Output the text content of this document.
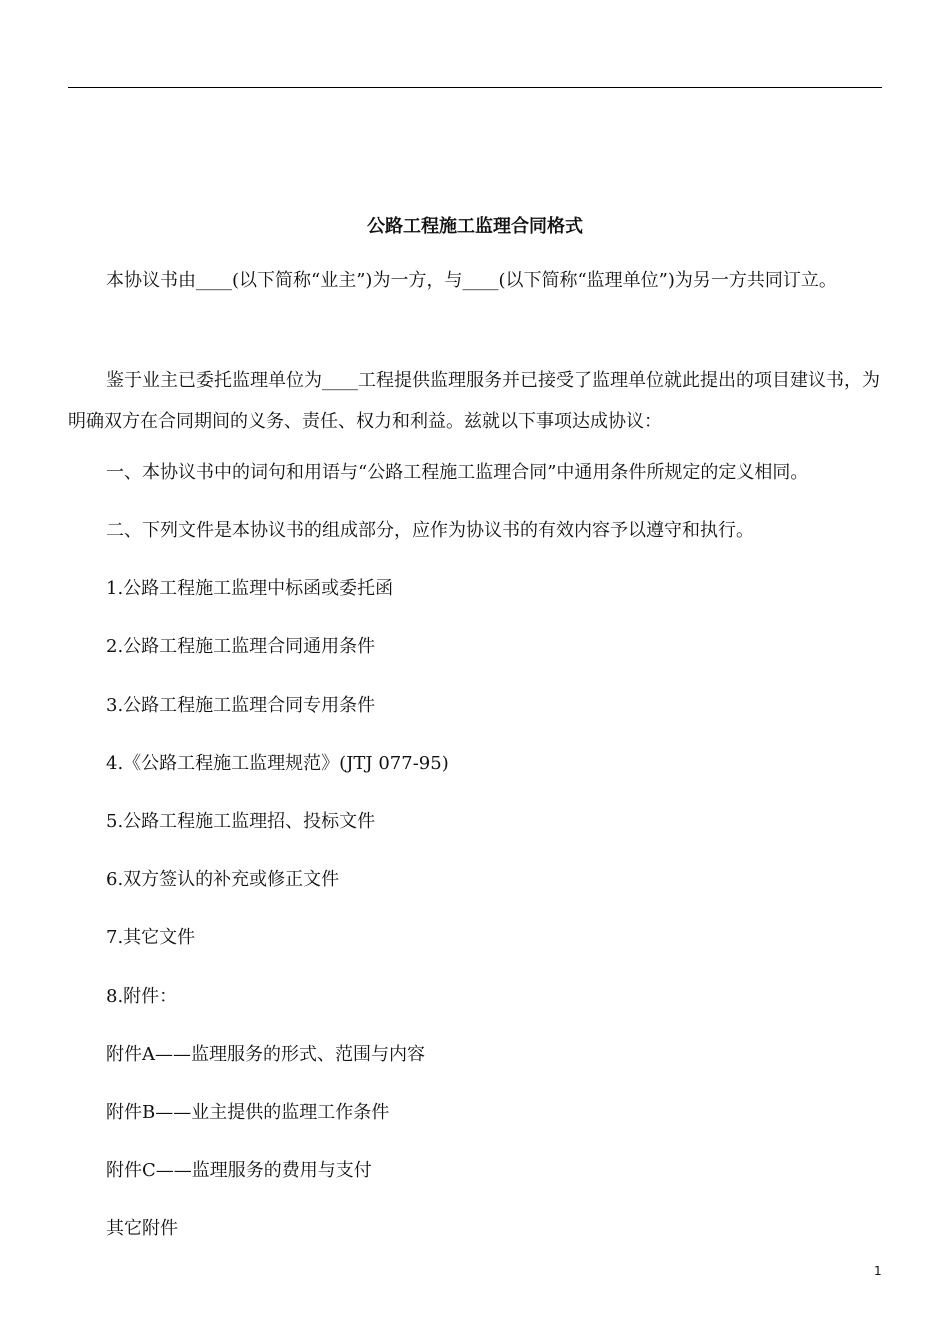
公路工程施工监理合同格式

本协议书由____(以下简称“业主”)为一方，与____(以下简称“监理单位”)为另一方共同订立。

鉴于业主已委托监理单位为____工程提供监理服务并已接受了监理单位就此提出的项目建议书，为明确双方在合同期间的义务、责任、权力和利益。兹就以下事项达成协议：

一、本协议书中的词句和用语与“公路工程施工监理合同”中通用条件所规定的定义相同。
二、下列文件是本协议书的组成部分，应作为协议书的有效内容予以遵守和执行。
1.公路工程施工监理中标函或委托函
2.公路工程施工监理合同通用条件
3.公路工程施工监理合同专用条件
4.《公路工程施工监理规范》(JTJ 077-95)
5.公路工程施工监理招、投标文件
6.双方签认的补充或修正文件
7.其它文件
8.附件：
附件A——监理服务的形式、范围与内容
附件B——业主提供的监理工作条件
附件C——监理服务的费用与支付
其它附件
1
